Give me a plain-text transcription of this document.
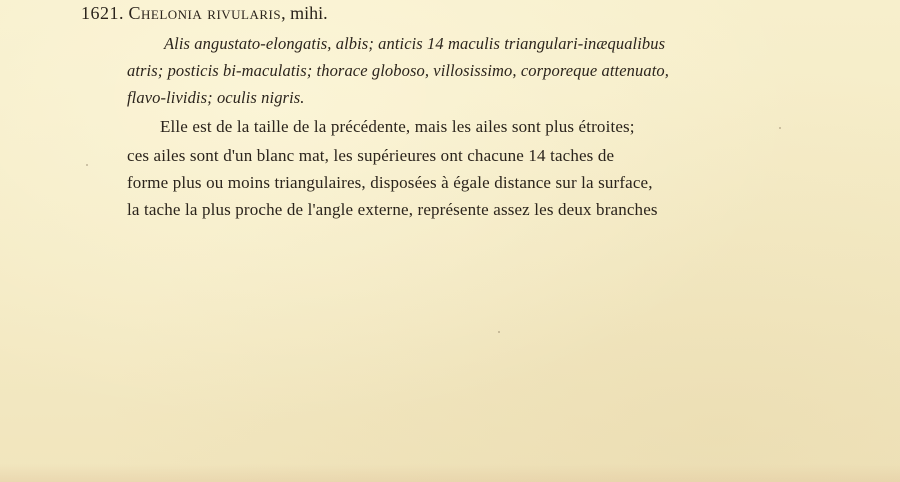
1621. Chelonia rivularis, mihi.
Alis angustato-elongatis, albis; anticis 14 maculis triangulari-inæqualibus
atris; posticis bi-maculatis; thorace globoso, villosissimo, corporeque attenuato,
flavo-lividis; oculis nigris.
Elle est de la taille de la précédente, mais les ailes sont plus étroites;
ces ailes sont d'un blanc mat, les supérieures ont chacune 14 taches de
forme plus ou moins triangulaires, disposées à égale distance sur la surface,
la tache la plus proche de l'angle externe, représente assez les deux branches
